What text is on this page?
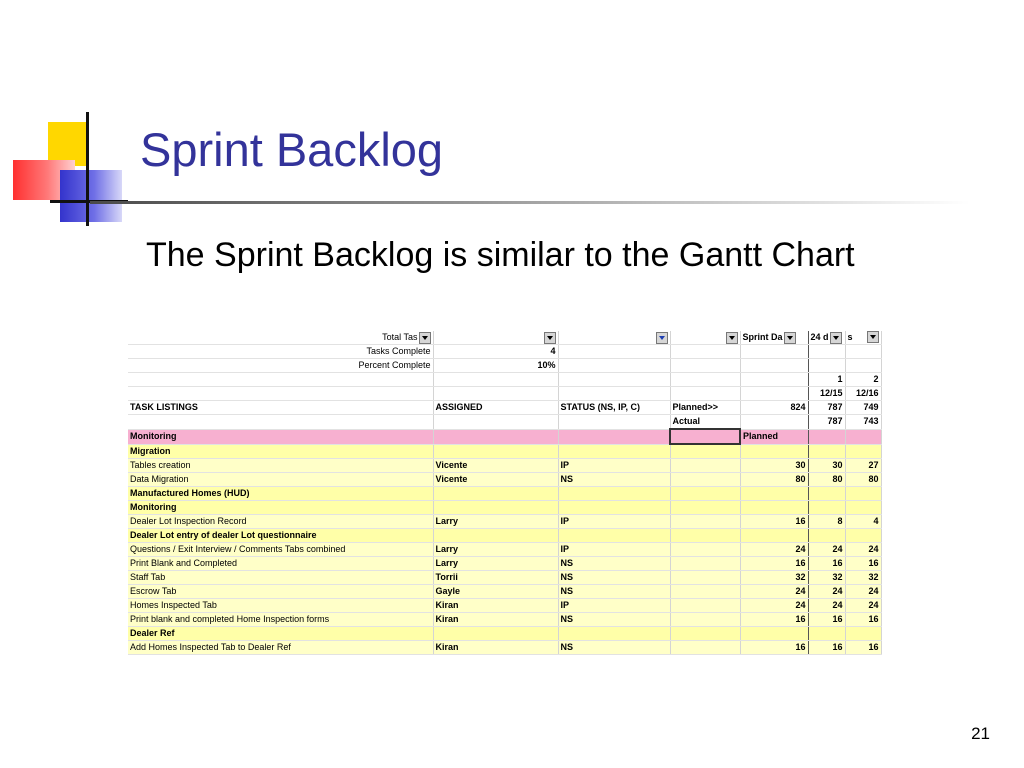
Sprint Backlog
The Sprint Backlog is similar to the Gantt Chart
Total Tas				Sprint Da	24 d	s

Tasks Complete	4					
Percent Complete	10%					
					1	2
					12/15	12/16
TASK LISTINGS	ASSIGNED	STATUS (NS, IP, C)	Planned>>	824	787	749
			Actual		787	743
Monitoring				Planned		
Migration						
Tables creation	Vicente	IP		30	30	27
Data Migration	Vicente	NS		80	80	80
Manufactured Homes (HUD)						
Monitoring						
Dealer Lot Inspection Record	Larry	IP		16	8	4
Dealer Lot entry of dealer Lot questionnaire						
Questions / Exit Interview / Comments Tabs combined	Larry	IP		24	24	24
Print Blank and Completed	Larry	NS		16	16	16
Staff Tab	Torrii	NS		32	32	32
Escrow Tab	Gayle	NS		24	24	24
Homes Inspected Tab	Kiran	IP		24	24	24
Print blank and completed Home Inspection forms	Kiran	NS		16	16	16
Dealer Ref						
Add Homes Inspected Tab to Dealer Ref	Kiran	NS		16	16	16
21
